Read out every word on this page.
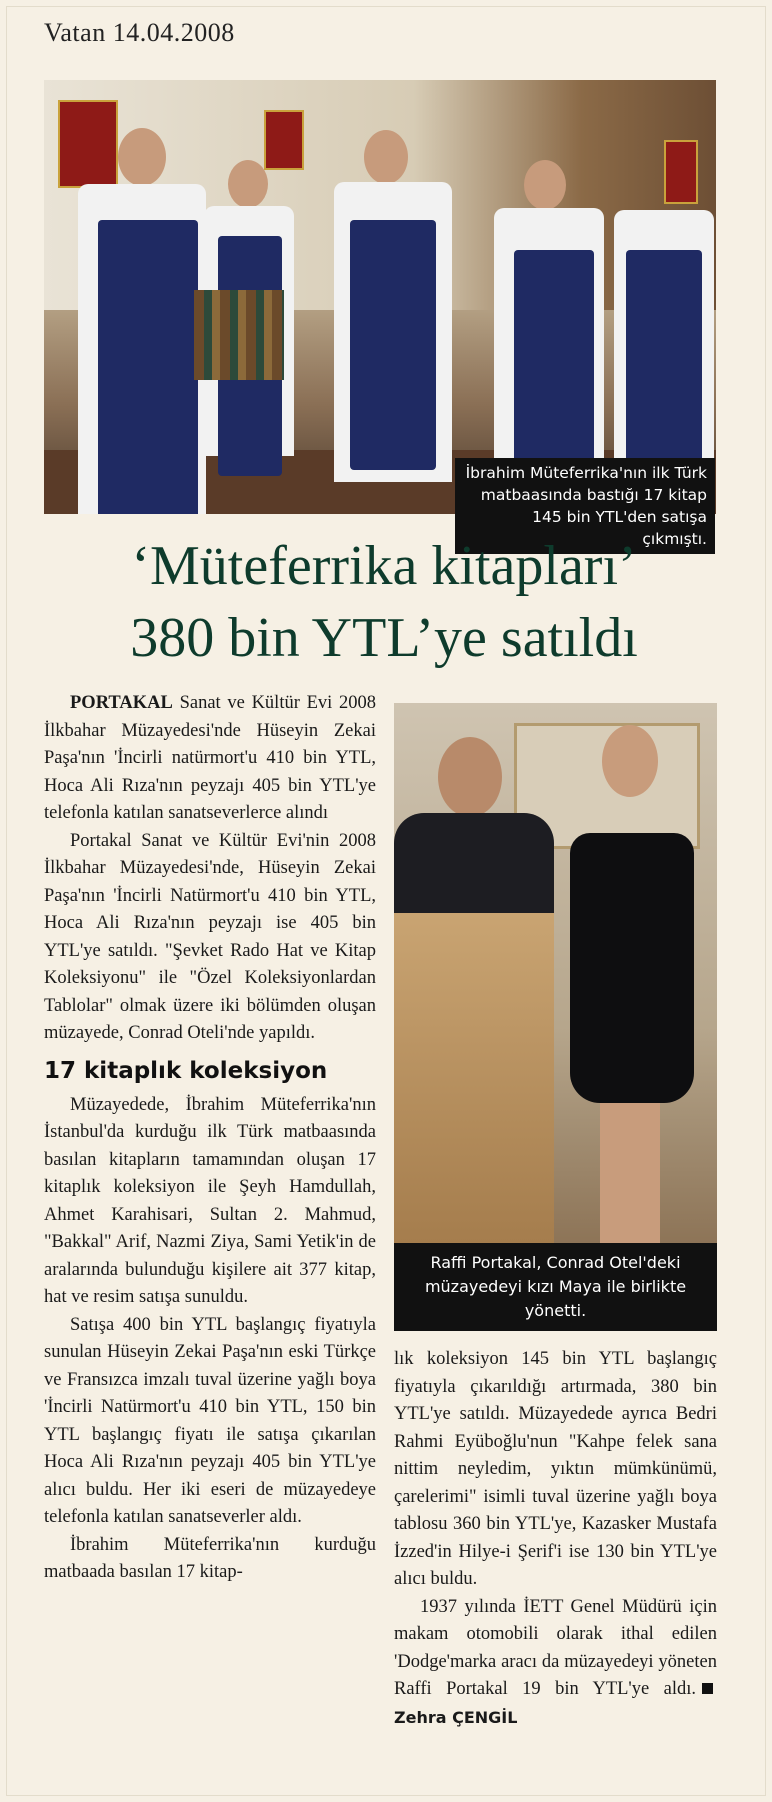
Vatan 14.04.2008
İbrahim Müteferrika'nın ilk Türk matbaasında bastığı 17 kitap 145 bin YTL'den satışa çıkmıştı.
‘Müteferrika kitapları’
380 bin YTL’ye satıldı

PORTAKAL Sanat ve Kültür Evi 2008 İlkbahar Müzayedesi'nde Hüseyin Zekai Paşa'nın 'İncirli natürmort'u 410 bin YTL, Hoca Ali Rıza'nın peyzajı 405 bin YTL'ye telefonla katılan sanatseverlerce alındı

Portakal Sanat ve Kültür Evi'nin 2008 İlkbahar Müzayedesi'nde, Hüseyin Zekai Paşa'nın 'İncirli Natürmort'u 410 bin YTL, Hoca Ali Rıza'nın peyzajı ise 405 bin YTL'ye satıldı. "Şevket Rado Hat ve Kitap Koleksiyonu" ile "Özel Koleksiyonlardan Tablolar" olmak üzere iki bölümden oluşan müzayede, Conrad Oteli'nde yapıldı.

17 kitaplık koleksiyon

Müzayedede, İbrahim Müteferrika'nın İstanbul'da kurduğu ilk Türk matbaasında basılan kitapların tamamından oluşan 17 kitaplık koleksiyon ile Şeyh Hamdullah, Ahmet Karahisari, Sultan 2. Mahmud, "Bakkal" Arif, Nazmi Ziya, Sami Yetik'in de aralarında bulunduğu kişilere ait 377 kitap, hat ve resim satışa sunuldu.

Satışa 400 bin YTL başlangıç fiyatıyla sunulan Hüseyin Zekai Paşa'nın eski Türkçe ve Fransızca imzalı tuval üzerine yağlı boya 'İncirli Natürmort'u 410 bin YTL, 150 bin YTL başlangıç fiyatı ile satışa çıkarılan Hoca Ali Rıza'nın peyzajı 405 bin YTL'ye alıcı buldu. Her iki eseri de müzayedeye telefonla katılan sanatseverler aldı.

İbrahim Müteferrika'nın kurduğu matbaada basılan 17 kitap-

Raffi Portakal, Conrad Otel'deki müzayedeyi kızı Maya ile birlikte yönetti.

lık koleksiyon 145 bin YTL başlangıç fiyatıyla çıkarıldığı artırmada, 380 bin YTL'ye satıldı. Müzayedede ayrıca Bedri Rahmi Eyüboğlu'nun "Kahpe felek sana nittim neyledim, yıktın mümkünümü, çarelerimi" isimli tuval üzerine yağlı boya tablosu 360 bin YTL'ye, Kazasker Mustafa İzzed'in Hilye-i Şerif'i ise 130 bin YTL'ye alıcı buldu.

1937 yılında İETT Genel Müdürü için makam otomobili olarak ithal edilen 'Dodge'marka aracı da müzayedeyi yöneten Raffi Portakal 19 bin YTL'ye aldı.Zehra ÇENGİL
